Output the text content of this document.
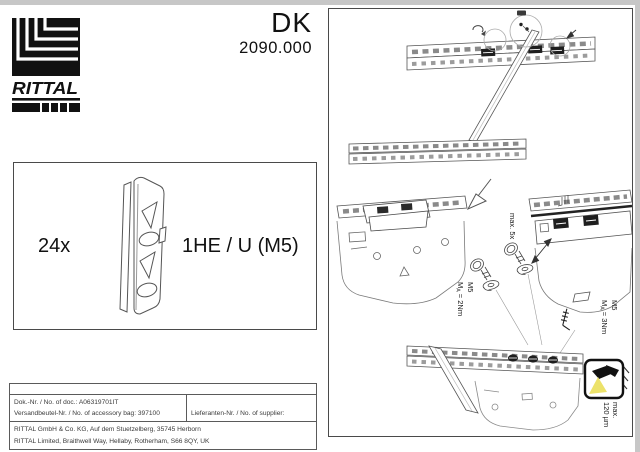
RITTAL
DK
2090.000
24x	1HE / U (M5)
Dok.-Nr. / No. of doc.: A06319701IT
Versandbeutel-Nr. / No. of accessory bag: 397100	Lieferanten-Nr. / No. of supplier:
RITTAL GmbH & Co. KG, Auf dem Stuetzelberg, 35745 Herborn
RITTAL Limited, Braithwell Way, Hellaby, Rotherham, S66 8QY, UK
max. 5x
M5
MA = 2Nm	M5
MA = 3Nm
max.
120 µm
